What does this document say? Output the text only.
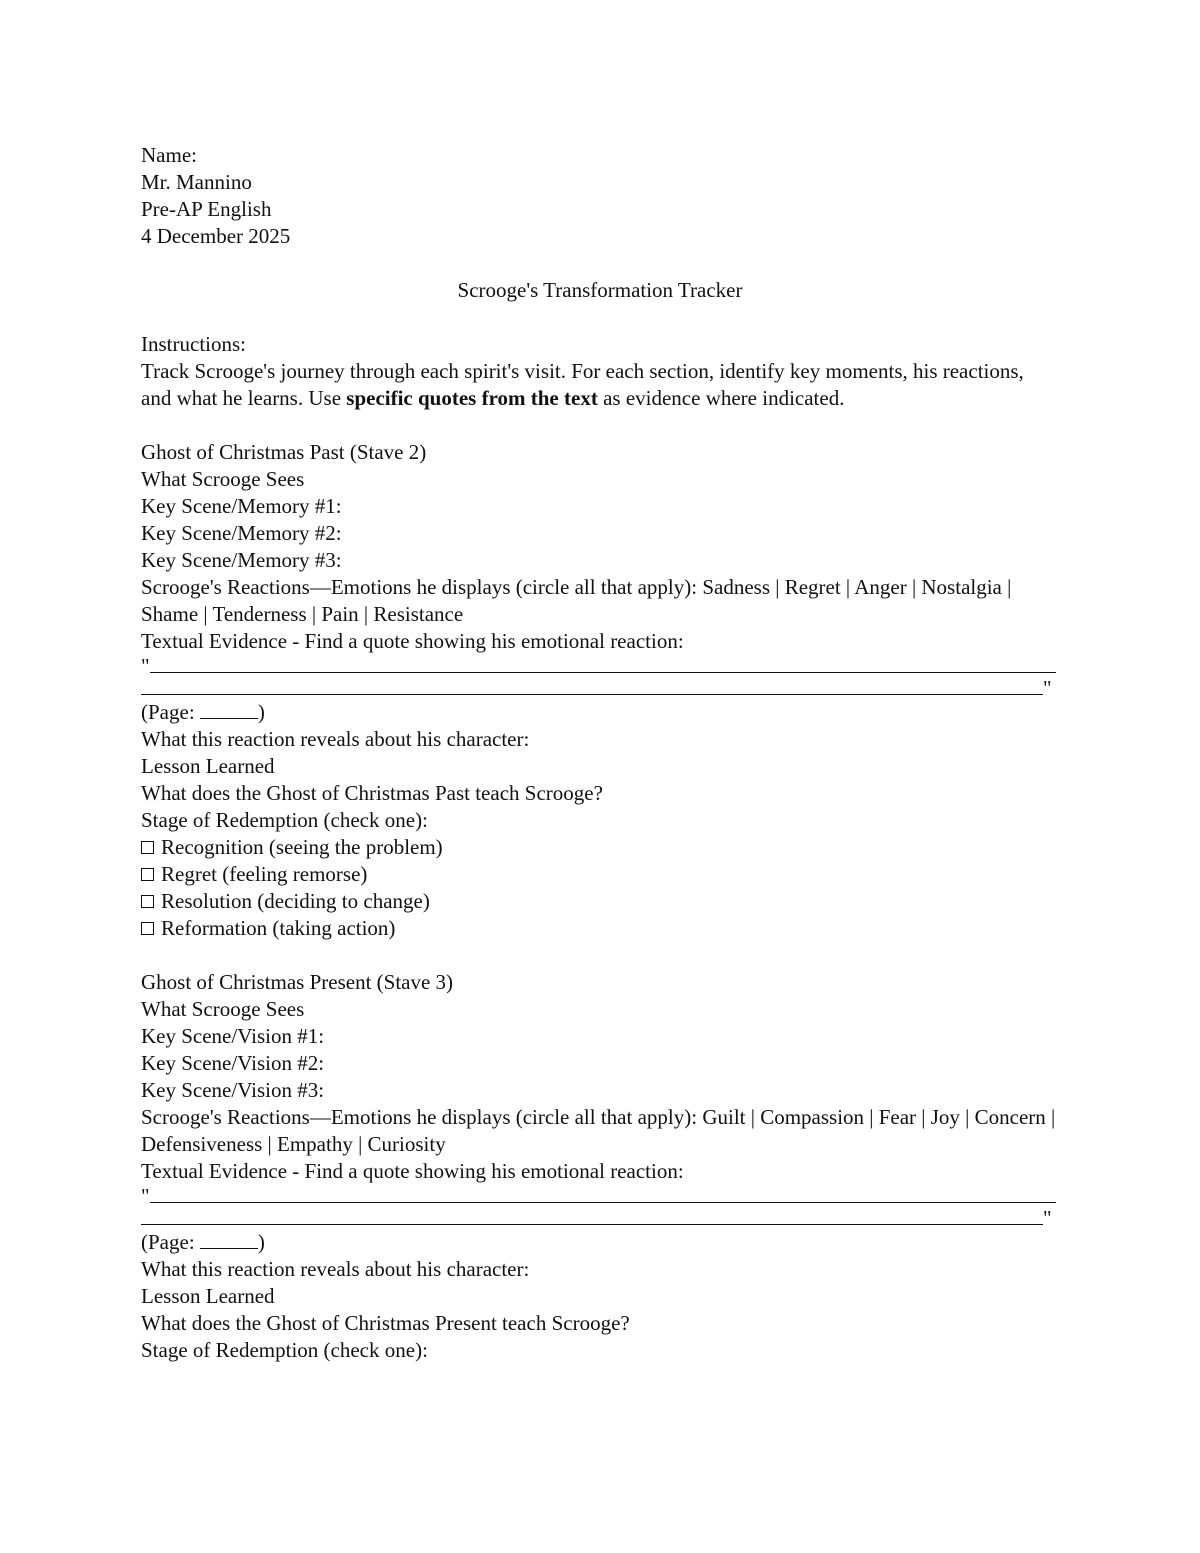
Name:
Mr. Mannino
Pre-AP English
4 December 2025
Scrooge's Transformation Tracker
Instructions:
Track Scrooge's journey through each spirit's visit. For each section, identify key moments, his reactions, and what he learns. Use specific quotes from the text as evidence where indicated.
Ghost of Christmas Past (Stave 2)
What Scrooge Sees
Key Scene/Memory #1:
Key Scene/Memory #2:
Key Scene/Memory #3:
Scrooge's Reactions—Emotions he displays (circle all that apply): Sadness | Regret | Anger | Nostalgia | Shame | Tenderness | Pain | Resistance
Textual Evidence - Find a quote showing his emotional reaction:
"
"
(Page:	)
What this reaction reveals about his character:
Lesson Learned
What does the Ghost of Christmas Past teach Scrooge?
Stage of Redemption (check one):
Recognition (seeing the problem)
Regret (feeling remorse)
Resolution (deciding to change)
Reformation (taking action)
Ghost of Christmas Present (Stave 3)
What Scrooge Sees
Key Scene/Vision #1:
Key Scene/Vision #2:
Key Scene/Vision #3:
Scrooge's Reactions—Emotions he displays (circle all that apply): Guilt | Compassion | Fear | Joy | Concern | Defensiveness | Empathy | Curiosity
Textual Evidence - Find a quote showing his emotional reaction:
"
"
(Page:	)
What this reaction reveals about his character:
Lesson Learned
What does the Ghost of Christmas Present teach Scrooge?
Stage of Redemption (check one):
